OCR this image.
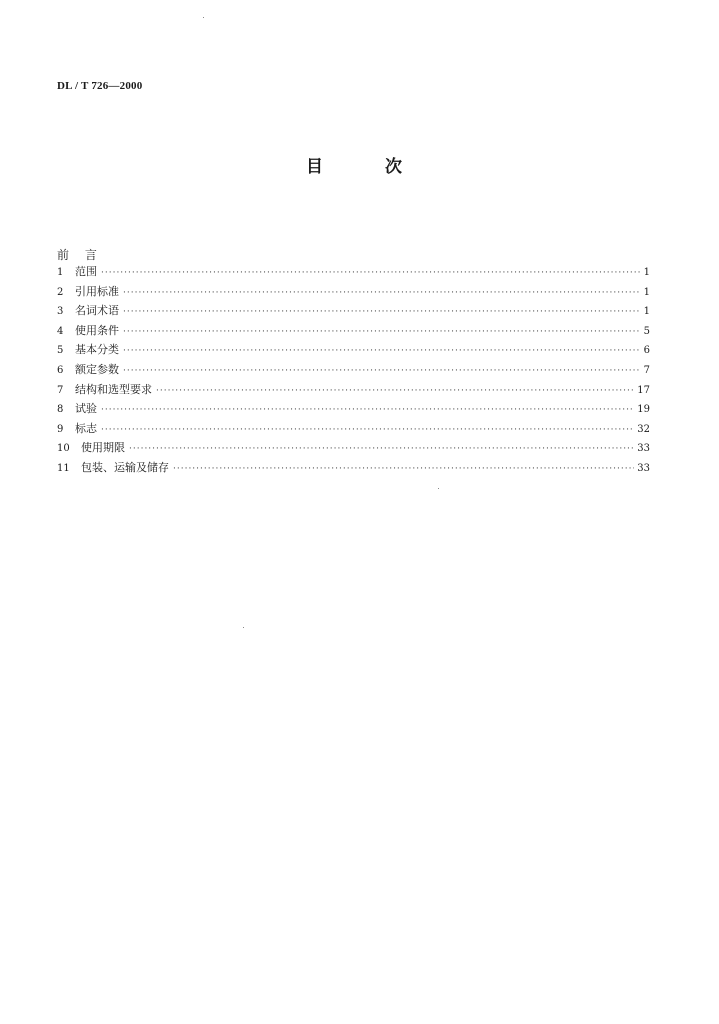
DL / T 726—2000
目	次
前 言
1	范围 ·····	1
2	引用标准 ·····	1
3	名词术语 ·····	1
4	使用条件 ·····	5
5	基本分类 ·····	6
6	额定参数 ·····	7
7	结构和选型要求 ·····	17
8	试验 ·····	19
9	标志 ·····	32
10	使用期限 ·····	33
11	包装、运输及储存 ·····	33
